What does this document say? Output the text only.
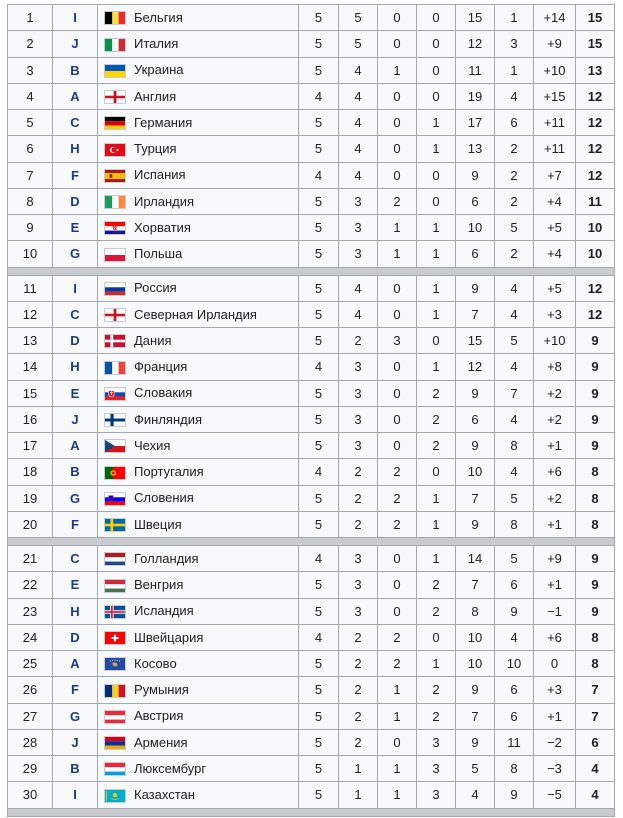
1	I	Бельгия	5	5	0	0	15	1	+14	15
2	J	Италия	5	5	0	0	12	3	+9	15
3	B	Украина	5	4	1	0	11	1	+10	13
4	A	Англия	4	4	0	0	19	4	+15	12
5	C	Германия	5	4	0	1	17	6	+11	12
6	H	Турция	5	4	0	1	13	2	+11	12
7	F	Испания	4	4	0	0	9	2	+7	12
8	D	Ирландия	5	3	2	0	6	2	+4	11
9	E	Хорватия	5	3	1	1	10	5	+5	10
10	G	Польша	5	3	1	1	6	2	+4	10

11	I	Россия	5	4	0	1	9	4	+5	12
12	C	Северная Ирландия	5	4	0	1	7	4	+3	12
13	D	Дания	5	2	3	0	15	5	+10	9
14	H	Франция	4	3	0	1	12	4	+8	9
15	E	Словакия	5	3	0	2	9	7	+2	9
16	J	Финляндия	5	3	0	2	6	4	+2	9
17	A	Чехия	5	3	0	2	9	8	+1	9
18	B	Португалия	4	2	2	0	10	4	+6	8
19	G	Словения	5	2	2	1	7	5	+2	8
20	F	Швеция	5	2	2	1	9	8	+1	8

21	C	Голландия	4	3	0	1	14	5	+9	9
22	E	Венгрия	5	3	0	2	7	6	+1	9
23	H	Исландия	5	3	0	2	8	9	−1	9
24	D	Швейцария	4	2	2	0	10	4	+6	8
25	A	Косово	5	2	2	1	10	10	0	8
26	F	Румыния	5	2	1	2	9	6	+3	7
27	G	Австрия	5	2	1	2	7	6	+1	7
28	J	Армения	5	2	0	3	9	11	−2	6
29	B	Люксембург	5	1	1	3	5	8	−3	4
30	I	Казахстан	5	1	1	3	4	9	−5	4
